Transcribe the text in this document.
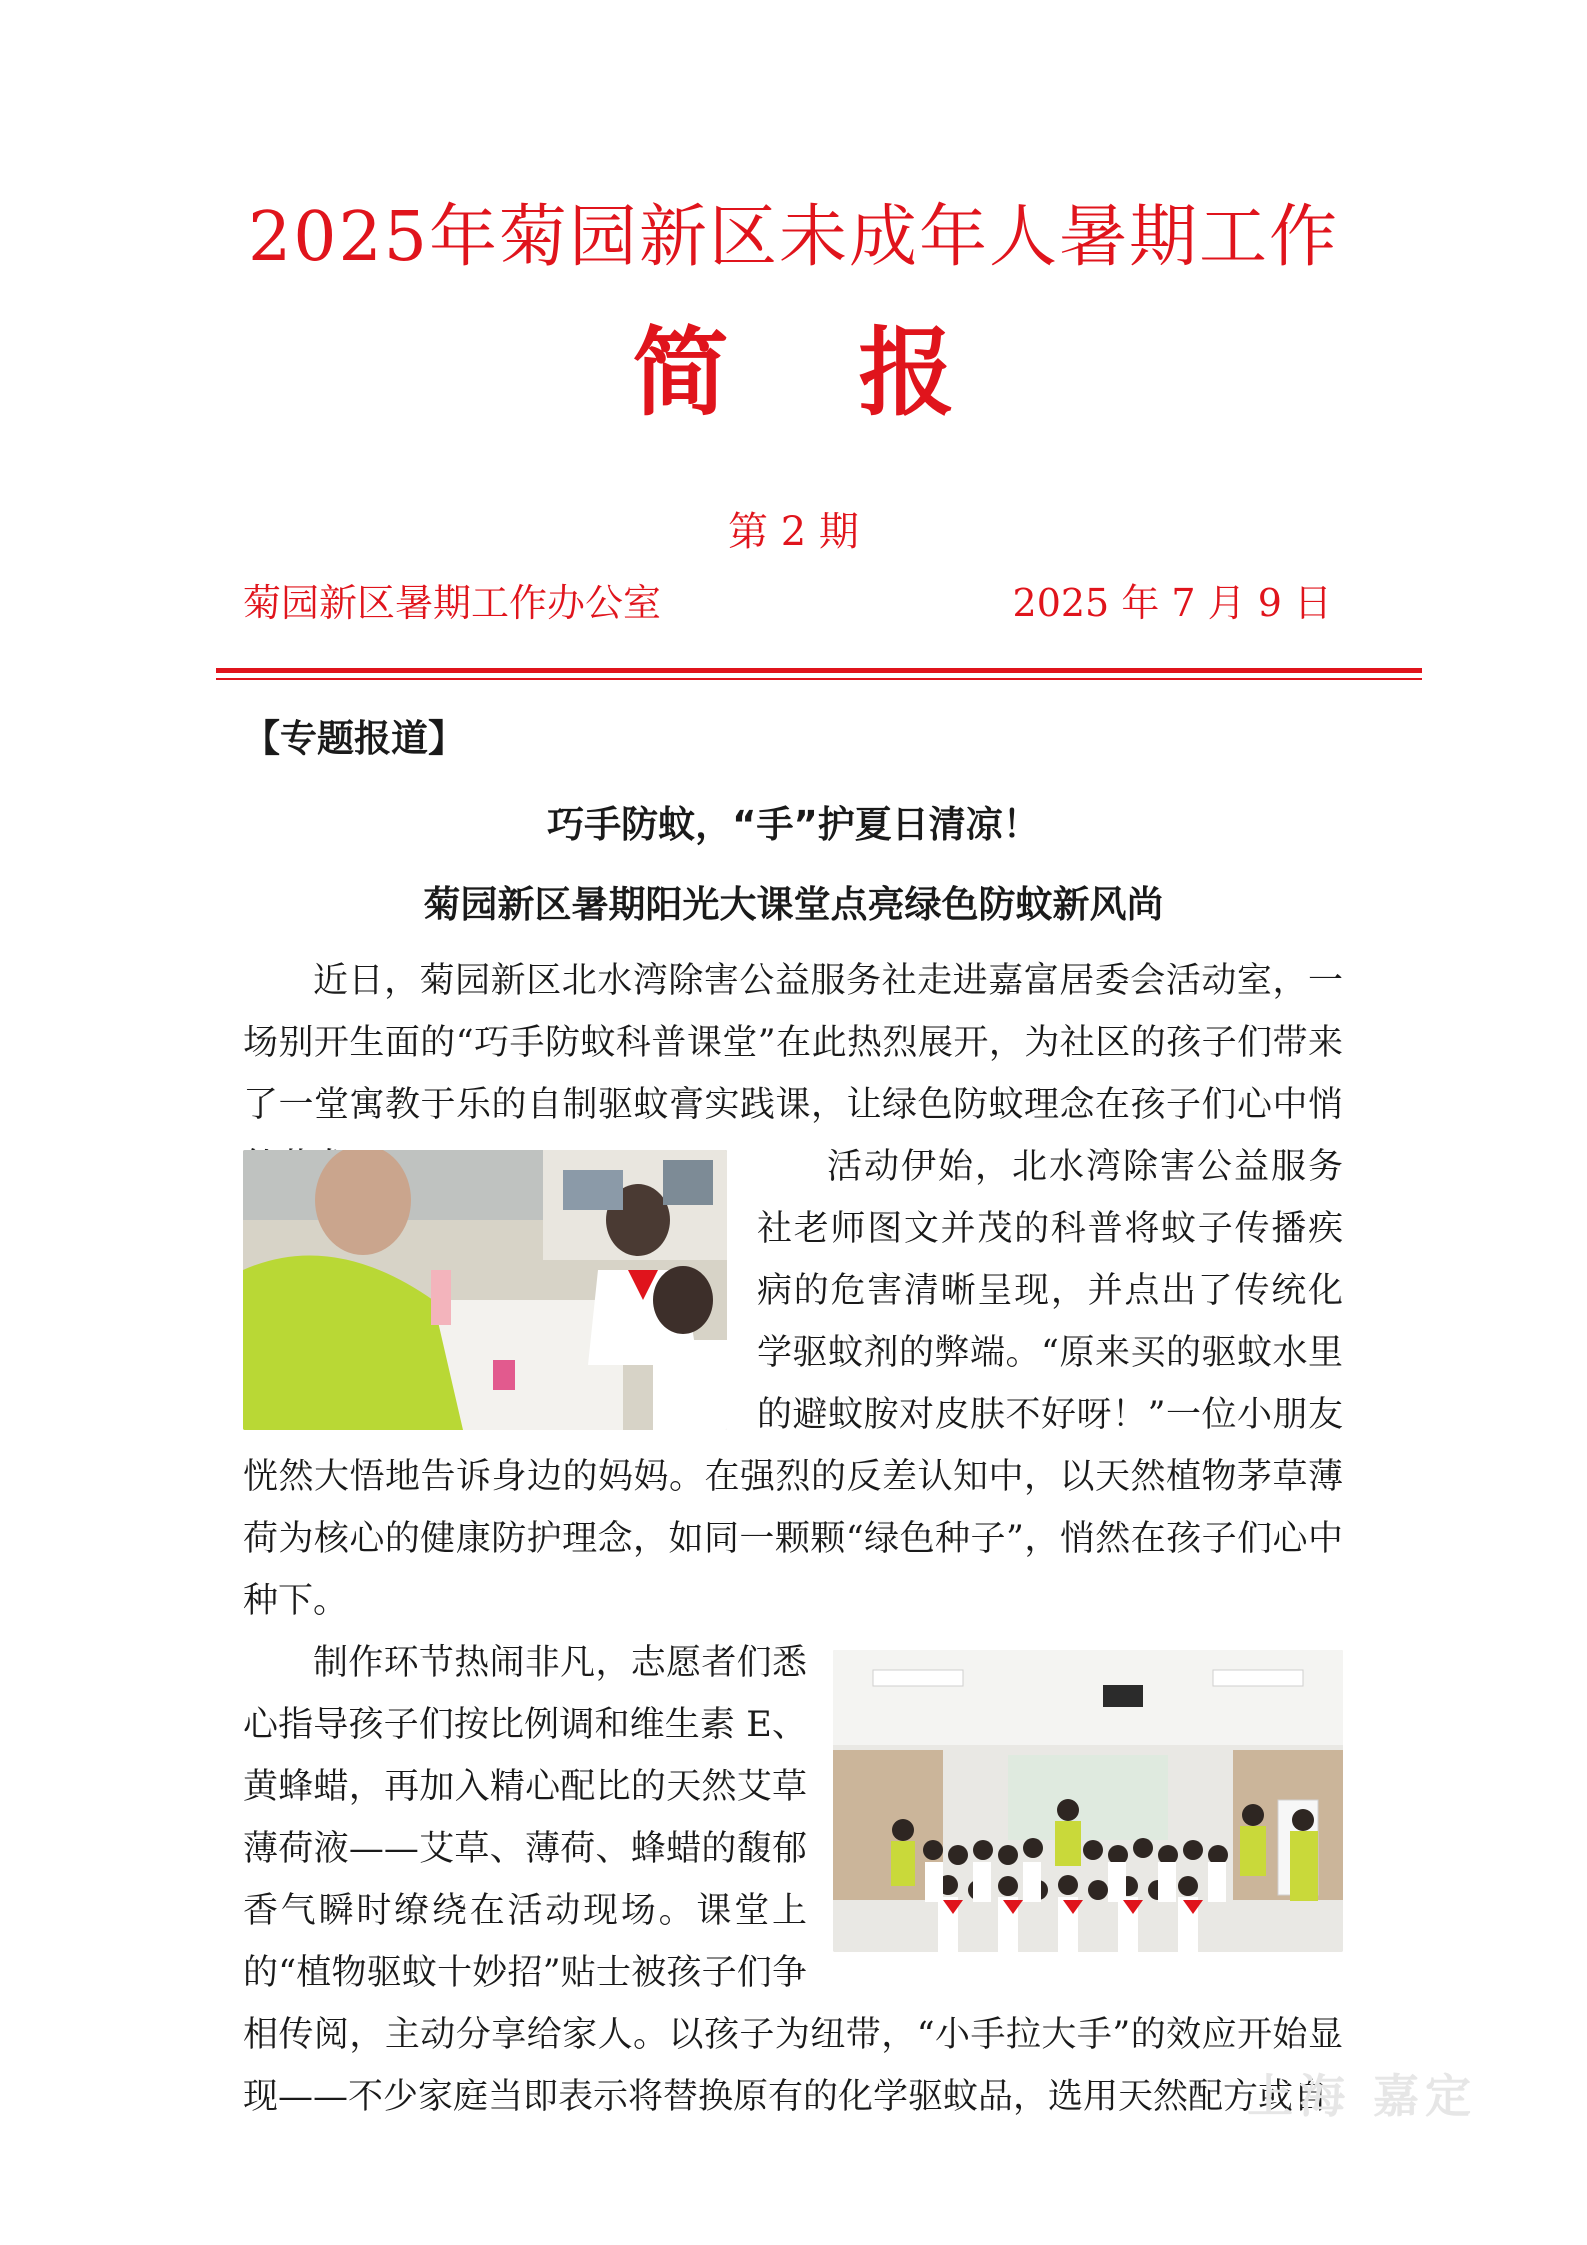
2025年菊园新区未成年人暑期工作
简 报
第 2 期
菊园新区暑期工作办公室	2025 年 7 月 9 日
【专题报道】
巧手防蚊，“手”护夏日清凉！
菊园新区暑期阳光大课堂点亮绿色防蚊新风尚

近日，菊园新区北水湾除害公益服务社走进嘉富居委会活动室，一场别开生面的“巧手防蚊科普课堂”在此热烈展开，为社区的孩子们带来了一堂寓教于乐的自制驱蚊膏实践课，让绿色防蚊理念在孩子们心中悄

活动伊始，北水湾除害公益服务社老师图文并茂的科普将蚊子传播疾病的危害清晰呈现，并点出了传统化学驱蚊剂的弊端。“原来买的驱蚊水里的避蚊胺对皮肤不好呀！”一位小朋友恍然大悟地告诉身边的妈妈。在强烈的反差认知中，以天然植物茅草薄荷为核心的健康防护理念，如同一颗颗“绿色种子”，悄然在孩子们心中种下。

制作环节热闹非凡，志愿者们悉心指导孩子们按比例调和维生素 E、黄蜂蜡，再加入精心配比的天然艾草薄荷液——艾草、薄荷、蜂蜡的馥郁香气瞬时缭绕在活动现场。课堂上的“植物驱蚊十妙招”贴士被孩子们争相传阅，主动分享给家人。以孩子为纽带，“小手拉大手”的效应开始显现——不少家庭当即表示将替换原有的化学驱蚊品，选用天然配方或自

上海 嘉定
